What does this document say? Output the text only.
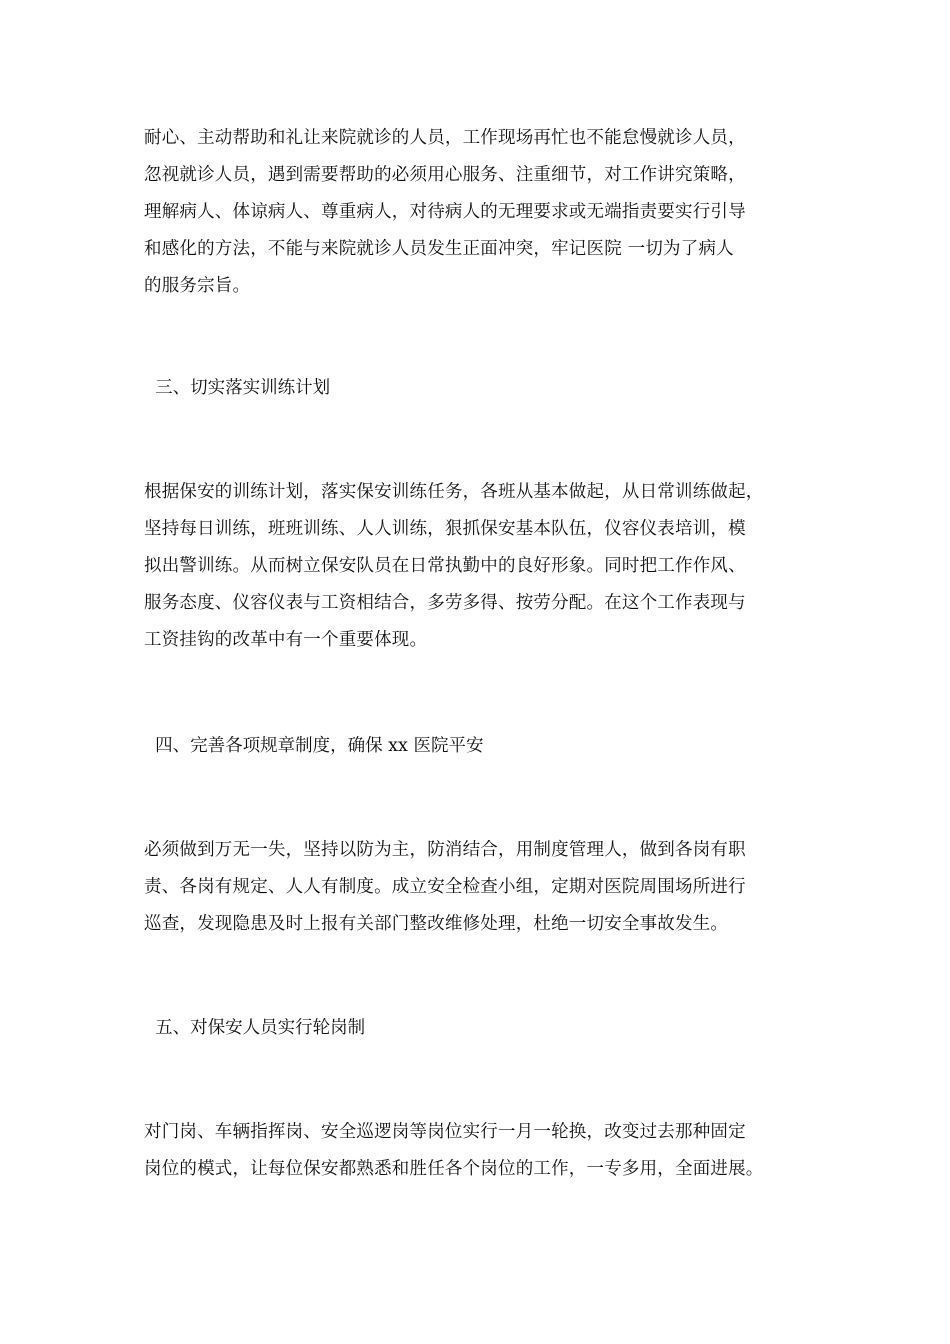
耐心、主动帮助和礼让来院就诊的人员，工作现场再忙也不能怠慢就诊人员，
忽视就诊人员，遇到需要帮助的必须用心服务、注重细节，对工作讲究策略，
理解病人、体谅病人、尊重病人，对待病人的无理要求或无端指责要实行引导
和感化的方法，不能与来院就诊人员发生正面冲突，牢记医院 一切为了病人
的服务宗旨。
三、切实落实训练计划
根据保安的训练计划，落实保安训练任务，各班从基本做起，从日常训练做起，
坚持每日训练，班班训练、人人训练，狠抓保安基本队伍，仪容仪表培训，模
拟出警训练。从而树立保安队员在日常执勤中的良好形象。同时把工作作风、
服务态度、仪容仪表与工资相结合，多劳多得、按劳分配。在这个工作表现与
工资挂钩的改革中有一个重要体现。
四、完善各项规章制度，确保 xx 医院平安
必须做到万无一失，坚持以防为主，防消结合，用制度管理人，做到各岗有职
责、各岗有规定、人人有制度。成立安全检查小组，定期对医院周围场所进行
巡查，发现隐患及时上报有关部门整改维修处理，杜绝一切安全事故发生。
五、对保安人员实行轮岗制
对门岗、车辆指挥岗、安全巡逻岗等岗位实行一月一轮换，改变过去那种固定
岗位的模式，让每位保安都熟悉和胜任各个岗位的工作，一专多用，全面进展。
